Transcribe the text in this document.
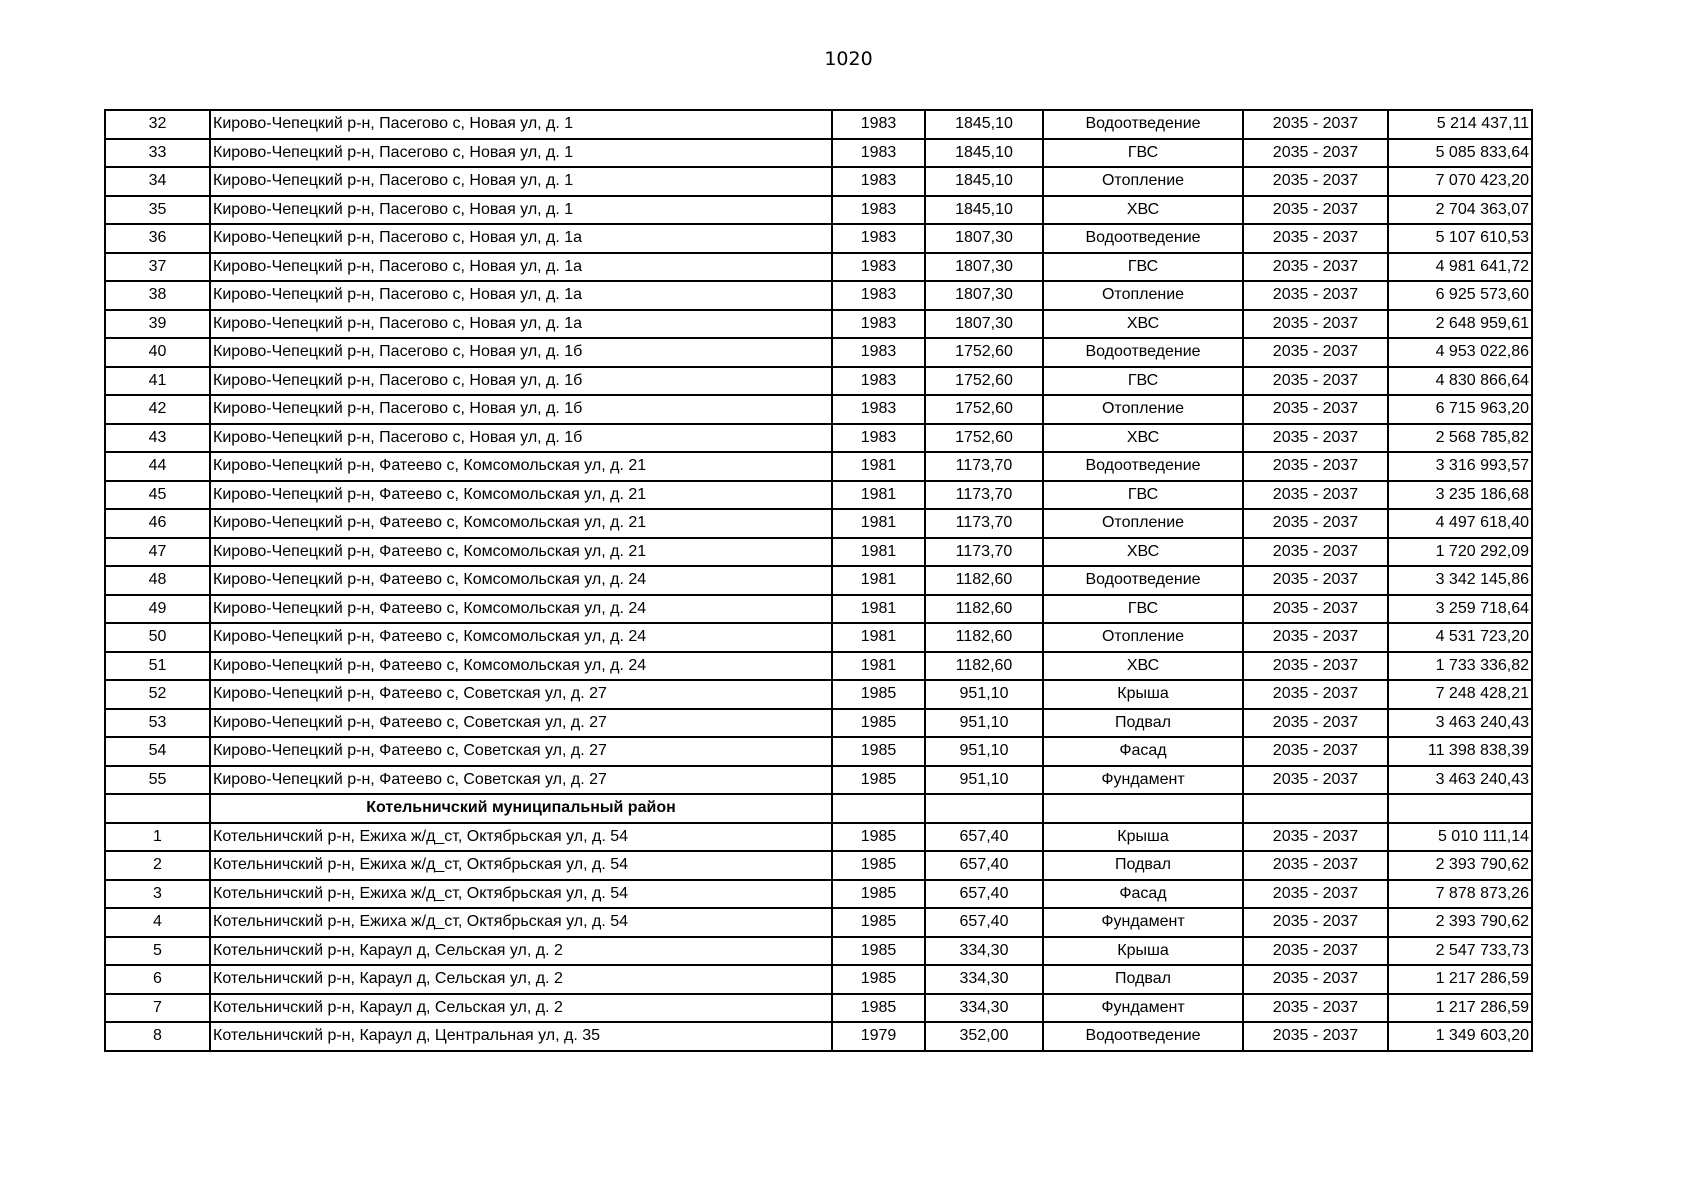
1020
32	Кирово-Чепецкий р-н, Пасегово с, Новая ул, д. 1	1983	1845,10	Водоотведение	2035 - 2037	5 214 437,11
33	Кирово-Чепецкий р-н, Пасегово с, Новая ул, д. 1	1983	1845,10	ГВС	2035 - 2037	5 085 833,64
34	Кирово-Чепецкий р-н, Пасегово с, Новая ул, д. 1	1983	1845,10	Отопление	2035 - 2037	7 070 423,20
35	Кирово-Чепецкий р-н, Пасегово с, Новая ул, д. 1	1983	1845,10	ХВС	2035 - 2037	2 704 363,07
36	Кирово-Чепецкий р-н, Пасегово с, Новая ул, д. 1а	1983	1807,30	Водоотведение	2035 - 2037	5 107 610,53
37	Кирово-Чепецкий р-н, Пасегово с, Новая ул, д. 1а	1983	1807,30	ГВС	2035 - 2037	4 981 641,72
38	Кирово-Чепецкий р-н, Пасегово с, Новая ул, д. 1а	1983	1807,30	Отопление	2035 - 2037	6 925 573,60
39	Кирово-Чепецкий р-н, Пасегово с, Новая ул, д. 1а	1983	1807,30	ХВС	2035 - 2037	2 648 959,61
40	Кирово-Чепецкий р-н, Пасегово с, Новая ул, д. 1б	1983	1752,60	Водоотведение	2035 - 2037	4 953 022,86
41	Кирово-Чепецкий р-н, Пасегово с, Новая ул, д. 1б	1983	1752,60	ГВС	2035 - 2037	4 830 866,64
42	Кирово-Чепецкий р-н, Пасегово с, Новая ул, д. 1б	1983	1752,60	Отопление	2035 - 2037	6 715 963,20
43	Кирово-Чепецкий р-н, Пасегово с, Новая ул, д. 1б	1983	1752,60	ХВС	2035 - 2037	2 568 785,82
44	Кирово-Чепецкий р-н, Фатеево с, Комсомольская ул, д. 21	1981	1173,70	Водоотведение	2035 - 2037	3 316 993,57
45	Кирово-Чепецкий р-н, Фатеево с, Комсомольская ул, д. 21	1981	1173,70	ГВС	2035 - 2037	3 235 186,68
46	Кирово-Чепецкий р-н, Фатеево с, Комсомольская ул, д. 21	1981	1173,70	Отопление	2035 - 2037	4 497 618,40
47	Кирово-Чепецкий р-н, Фатеево с, Комсомольская ул, д. 21	1981	1173,70	ХВС	2035 - 2037	1 720 292,09
48	Кирово-Чепецкий р-н, Фатеево с, Комсомольская ул, д. 24	1981	1182,60	Водоотведение	2035 - 2037	3 342 145,86
49	Кирово-Чепецкий р-н, Фатеево с, Комсомольская ул, д. 24	1981	1182,60	ГВС	2035 - 2037	3 259 718,64
50	Кирово-Чепецкий р-н, Фатеево с, Комсомольская ул, д. 24	1981	1182,60	Отопление	2035 - 2037	4 531 723,20
51	Кирово-Чепецкий р-н, Фатеево с, Комсомольская ул, д. 24	1981	1182,60	ХВС	2035 - 2037	1 733 336,82
52	Кирово-Чепецкий р-н, Фатеево с, Советская ул, д. 27	1985	951,10	Крыша	2035 - 2037	7 248 428,21
53	Кирово-Чепецкий р-н, Фатеево с, Советская ул, д. 27	1985	951,10	Подвал	2035 - 2037	3 463 240,43
54	Кирово-Чепецкий р-н, Фатеево с, Советская ул, д. 27	1985	951,10	Фасад	2035 - 2037	11 398 838,39
55	Кирово-Чепецкий р-н, Фатеево с, Советская ул, д. 27	1985	951,10	Фундамент	2035 - 2037	3 463 240,43
	Котельничский муниципальный район					
1	Котельничский р-н, Ежиха ж/д_ст, Октябрьская ул, д. 54	1985	657,40	Крыша	2035 - 2037	5 010 111,14
2	Котельничский р-н, Ежиха ж/д_ст, Октябрьская ул, д. 54	1985	657,40	Подвал	2035 - 2037	2 393 790,62
3	Котельничский р-н, Ежиха ж/д_ст, Октябрьская ул, д. 54	1985	657,40	Фасад	2035 - 2037	7 878 873,26
4	Котельничский р-н, Ежиха ж/д_ст, Октябрьская ул, д. 54	1985	657,40	Фундамент	2035 - 2037	2 393 790,62
5	Котельничский р-н, Караул д, Сельская ул, д. 2	1985	334,30	Крыша	2035 - 2037	2 547 733,73
6	Котельничский р-н, Караул д, Сельская ул, д. 2	1985	334,30	Подвал	2035 - 2037	1 217 286,59
7	Котельничский р-н, Караул д, Сельская ул, д. 2	1985	334,30	Фундамент	2035 - 2037	1 217 286,59
8	Котельничский р-н, Караул д, Центральная ул, д. 35	1979	352,00	Водоотведение	2035 - 2037	1 349 603,20
